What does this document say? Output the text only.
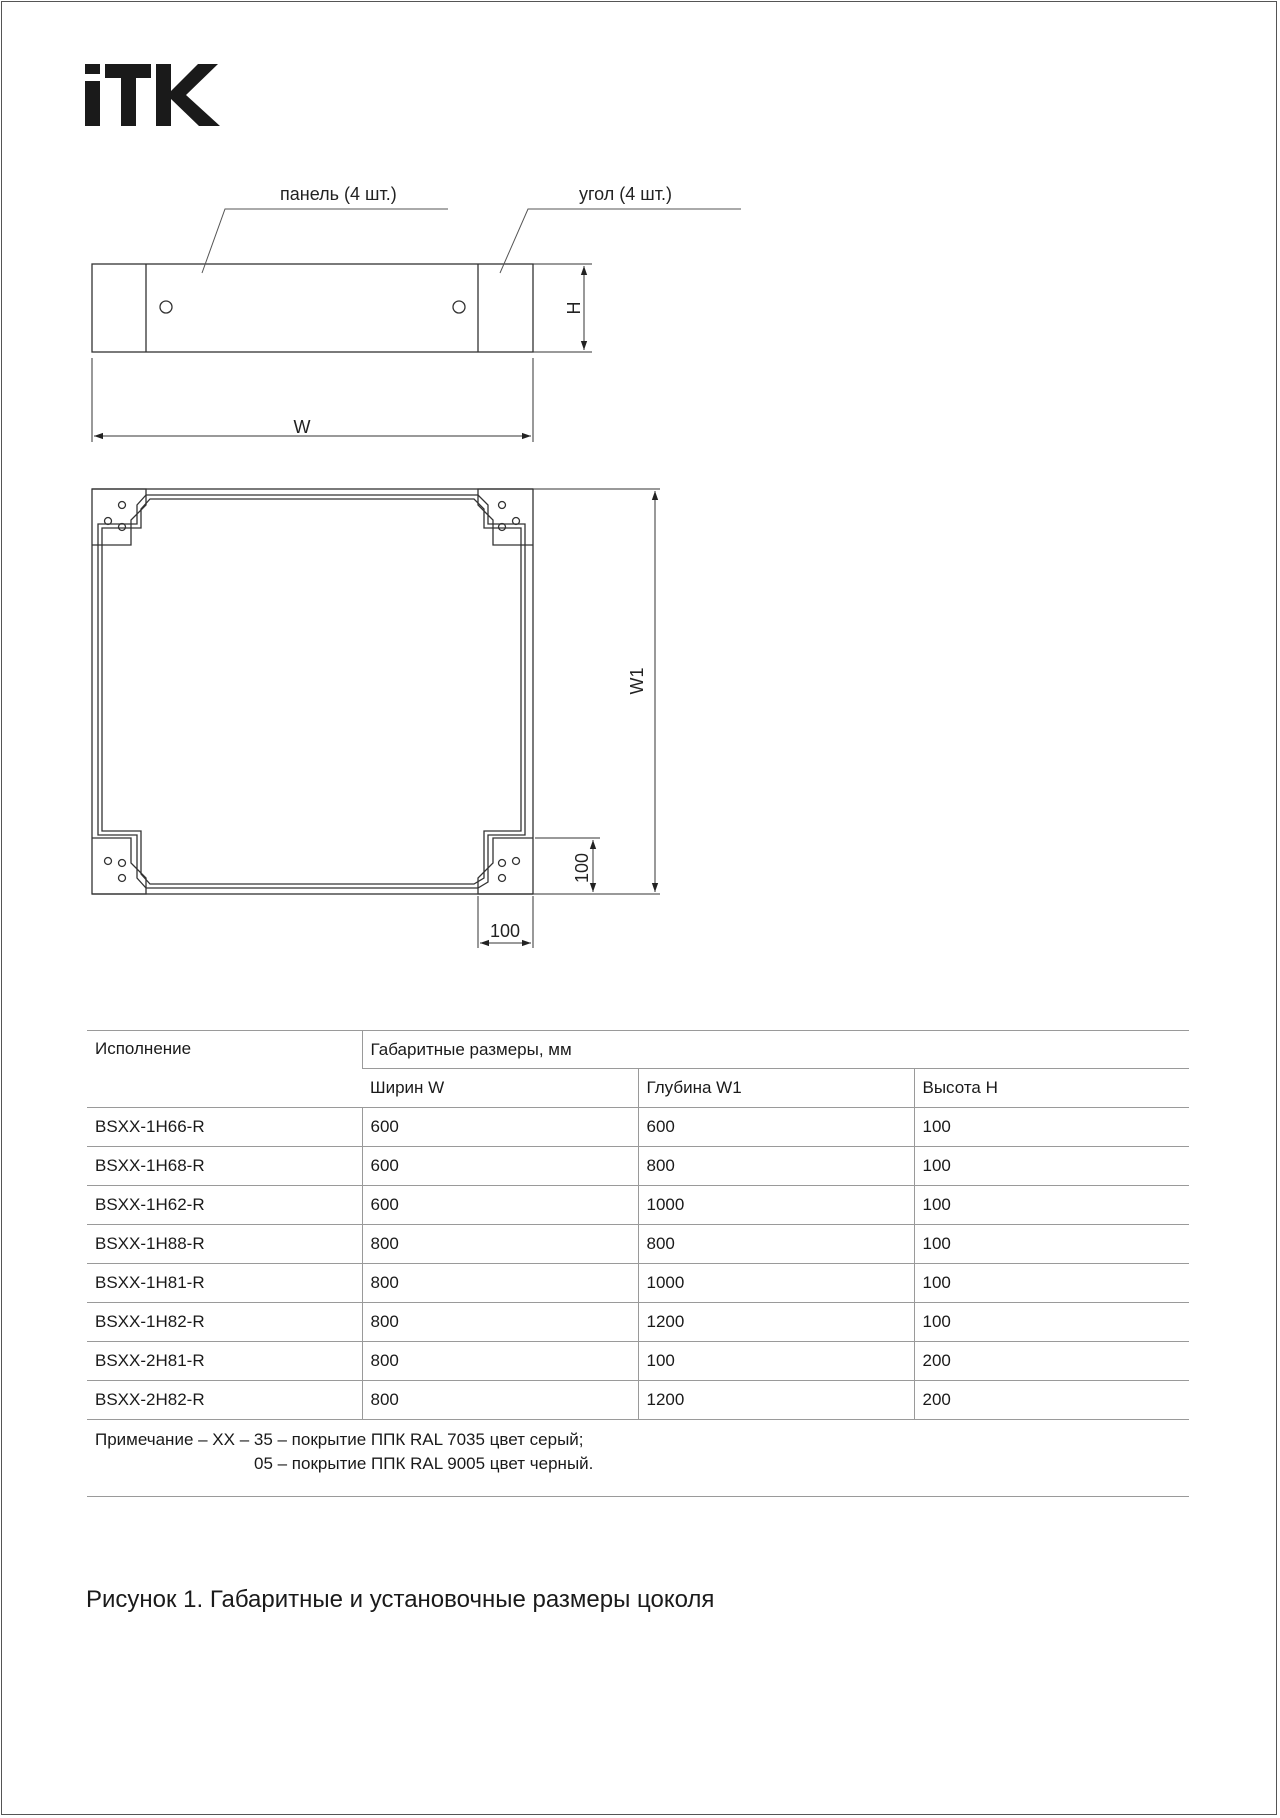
панель (4 шт.)	угол (4 шт.)
H
W
W1
100
100
Исполнение	Габаритные размеры, мм		
	Ширин W	Глубина W1	Высота H
BSXX-1H66-R	600	600	100
BSXX-1H68-R	600	800	100
BSXX-1H62-R	600	1000	100
BSXX-1H88-R	800	800	100
BSXX-1H81-R	800	1000	100
BSXX-1H82-R	800	1200	100
BSXX-2H81-R	800	100	200
BSXX-2H82-R	800	1200	200
Примечание – XX – 35 – покрытие ППК RAL 7035 цвет серый;
05 – покрытие ППК RAL 9005 цвет черный.			
Рисунок 1. Габаритные и установочные размеры цоколя
